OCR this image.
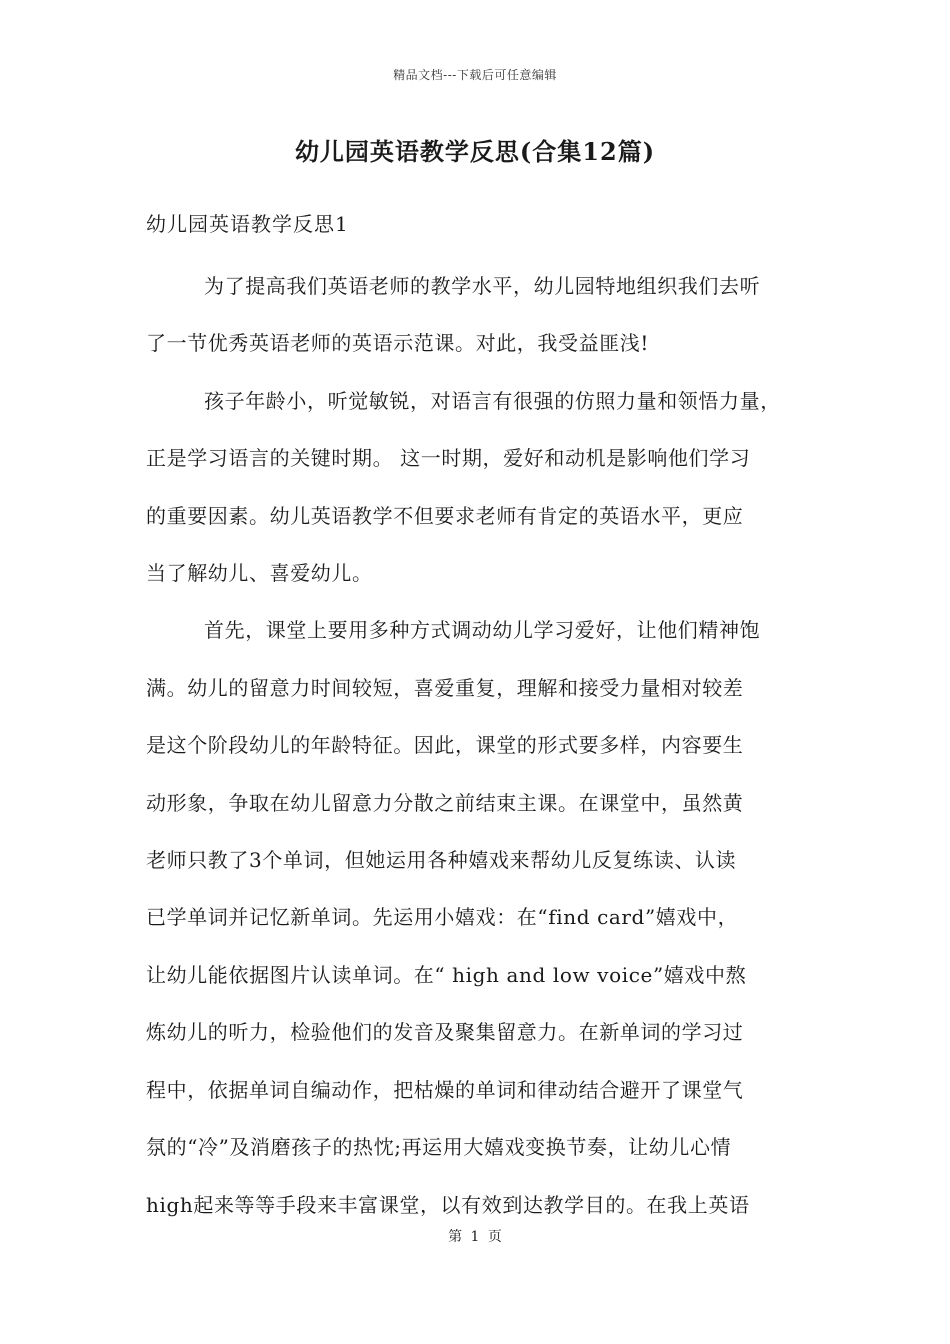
精品文档---下载后可任意编辑
幼儿园英语教学反思(合集12篇)
幼儿园英语教学反思1

为了提高我们英语老师的教学水平，幼儿园特地组织我们去听
了一节优秀英语老师的英语示范课。对此，我受益匪浅!

孩子年龄小，听觉敏锐，对语言有很强的仿照力量和领悟力量，
正是学习语言的关键时期。 这一时期，爱好和动机是影响他们学习
的重要因素。幼儿英语教学不但要求老师有肯定的英语水平，更应
当了解幼儿、喜爱幼儿。

首先，课堂上要用多种方式调动幼儿学习爱好，让他们精神饱
满。幼儿的留意力时间较短，喜爱重复，理解和接受力量相对较差
是这个阶段幼儿的年龄特征。因此，课堂的形式要多样，内容要生
动形象，争取在幼儿留意力分散之前结束主课。在课堂中，虽然黄
老师只教了3个单词，但她运用各种嬉戏来帮幼儿反复练读、认读
已学单词并记忆新单词。先运用小嬉戏：在“find card”嬉戏中，
让幼儿能依据图片认读单词。在“ high and low voice”嬉戏中熬
炼幼儿的听力，检验他们的发音及聚集留意力。在新单词的学习过
程中，依据单词自编动作，把枯燥的单词和律动结合避开了课堂气
氛的“冷”及消磨孩子的热忱;再运用大嬉戏变换节奏，让幼儿心情
high起来等等手段来丰富课堂，以有效到达教学目的。在我上英语

第 1 页
